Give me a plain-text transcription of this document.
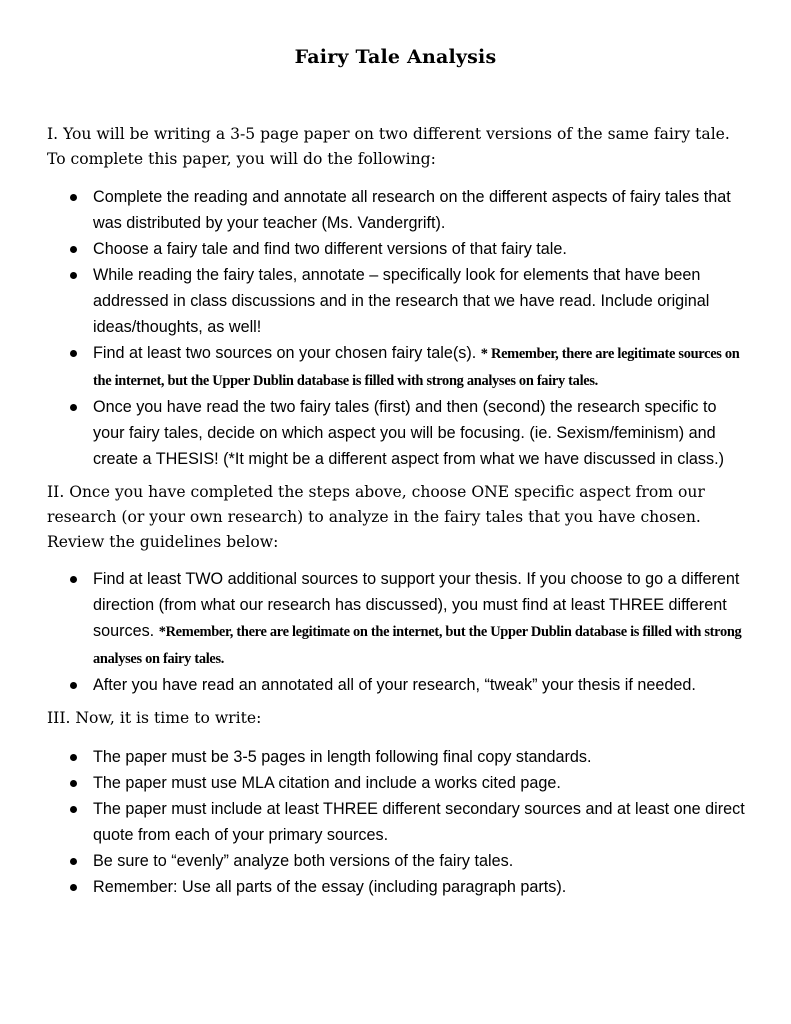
Fairy Tale Analysis
I. You will be writing a 3-5 page paper on two different versions of the same fairy tale. To complete this paper, you will do the following:
Complete the reading and annotate all research on the different aspects of fairy tales that was distributed by your teacher (Ms. Vandergrift).
Choose a fairy tale and find two different versions of that fairy tale.
While reading the fairy tales, annotate – specifically look for elements that have been addressed in class discussions and in the research that we have read. Include original ideas/thoughts, as well!
Find at least two sources on your chosen fairy tale(s). * Remember, there are legitimate sources on the internet, but the Upper Dublin database is filled with strong analyses on fairy tales.
Once you have read the two fairy tales (first) and then (second) the research specific to your fairy tales, decide on which aspect you will be focusing. (ie. Sexism/feminism) and create a THESIS! (*It might be a different aspect from what we have discussed in class.)
II. Once you have completed the steps above, choose ONE specific aspect from our research (or your own research) to analyze in the fairy tales that you have chosen. Review the guidelines below:
Find at least TWO additional sources to support your thesis. If you choose to go a different direction (from what our research has discussed), you must find at least THREE different sources. *Remember, there are legitimate on the internet, but the Upper Dublin database is filled with strong analyses on fairy tales.
After you have read an annotated all of your research, “tweak” your thesis if needed.
III. Now, it is time to write:
The paper must be 3-5 pages in length following final copy standards.
The paper must use MLA citation and include a works cited page.
The paper must include at least THREE different secondary sources and at least one direct quote from each of your primary sources.
Be sure to “evenly” analyze both versions of the fairy tales.
Remember: Use all parts of the essay (including paragraph parts).
